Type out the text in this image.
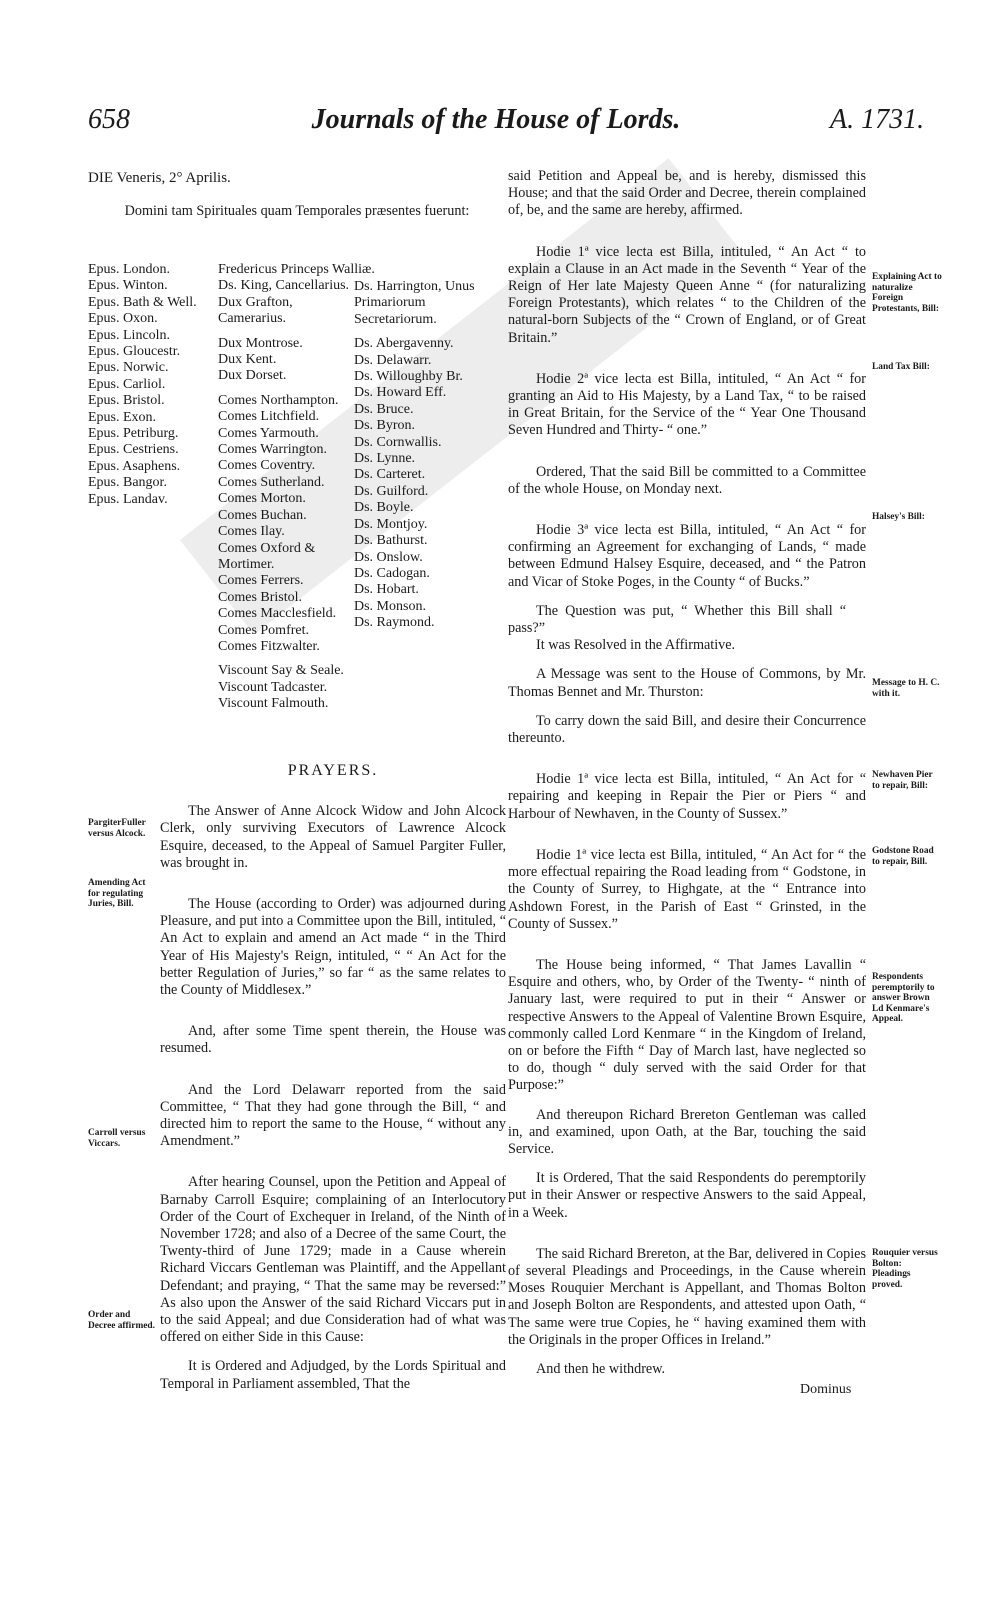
658	Journals of the House of Lords.	A. 1731.

DIE Veneris, 2° Aprilis.

Domini tam Spirituales quam Temporales præsentes fuerunt:

Epus. London.
Epus. Winton.
Epus. Bath & Well.
Epus. Oxon.
Epus. Lincoln.
Epus. Gloucestr.
Epus. Norwic.
Epus. Carliol.
Epus. Bristol.
Epus. Exon.
Epus. Petriburg.
Epus. Cestriens.
Epus. Asaphens.
Epus. Bangor.
Epus. Landav.
Fredericus Princeps Walliæ.
Ds. King, Cancellarius.
Dux Grafton, Camerarius.
Dux Montrose.
Dux Kent.
Dux Dorset.
Comes Northampton.
Comes Litchfield.
Comes Yarmouth.
Comes Warrington.
Comes Coventry.
Comes Sutherland.
Comes Morton.
Comes Buchan.
Comes Ilay.
Comes Oxford & Mortimer.
Comes Ferrers.
Comes Bristol.
Comes Macclesfield.
Comes Pomfret.
Comes Fitzwalter.
Viscount Say & Seale.
Viscount Tadcaster.
Viscount Falmouth.
Ds. Harrington, Unus Primariorum Secretariorum.
Ds. Abergavenny.
Ds. Delawarr.
Ds. Willoughby Br.
Ds. Howard Eff.
Ds. Bruce.
Ds. Byron.
Ds. Cornwallis.
Ds. Lynne.
Ds. Carteret.
Ds. Guilford.
Ds. Boyle.
Ds. Montjoy.
Ds. Bathurst.
Ds. Onslow.
Ds. Cadogan.
Ds. Hobart.
Ds. Monson.
Ds. Raymond.

PRAYERS.

The Answer of Anne Alcock Widow and John Alcock Clerk, only surviving Executors of Lawrence Alcock Esquire, deceased, to the Appeal of Samuel Pargiter Fuller, was brought in.

The House (according to Order) was adjourned during Pleasure, and put into a Committee upon the Bill, intituled, “ An Act to explain and amend an Act made “ in the Third Year of His Majesty's Reign, intituled, “ “ An Act for the better Regulation of Juries,” so far “ as the same relates to the County of Middlesex.”

And, after some Time spent therein, the House was resumed.

And the Lord Delawarr reported from the said Committee, “ That they had gone through the Bill, “ and directed him to report the same to the House, “ without any Amendment.”

After hearing Counsel, upon the Petition and Appeal of Barnaby Carroll Esquire; complaining of an Interlocutory Order of the Court of Exchequer in Ireland, of the Ninth of November 1728; and also of a Decree of the same Court, the Twenty-third of June 1729; made in a Cause wherein Richard Viccars Gentleman was Plaintiff, and the Appellant Defendant; and praying, “ That the same may be reversed:” As also upon the Answer of the said Richard Viccars put in to the said Appeal; and due Consideration had of what was offered on either Side in this Cause:

It is Ordered and Adjudged, by the Lords Spiritual and Temporal in Parliament assembled, That the

PargiterFuller versus Alcock.
Amending Act for regulating Juries, Bill.
Carroll versus Viccars.
Order and Decree affirmed.

said Petition and Appeal be, and is hereby, dismissed this House; and that the said Order and Decree, therein complained of, be, and the same are hereby, affirmed.

Hodie 1ª vice lecta est Billa, intituled, “ An Act “ to explain a Clause in an Act made in the Seventh “ Year of the Reign of Her late Majesty Queen Anne “ (for naturalizing Foreign Protestants), which relates “ to the Children of the natural-born Subjects of the “ Crown of England, or of Great Britain.”

Hodie 2ª vice lecta est Billa, intituled, “ An Act “ for granting an Aid to His Majesty, by a Land Tax, “ to be raised in Great Britain, for the Service of the “ Year One Thousand Seven Hundred and Thirty- “ one.”

Ordered, That the said Bill be committed to a Committee of the whole House, on Monday next.

Hodie 3ª vice lecta est Billa, intituled, “ An Act “ for confirming an Agreement for exchanging of Lands, “ made between Edmund Halsey Esquire, deceased, and “ the Patron and Vicar of Stoke Poges, in the County “ of Bucks.”

The Question was put, “ Whether this Bill shall “ pass?”

It was Resolved in the Affirmative.

A Message was sent to the House of Commons, by Mr. Thomas Bennet and Mr. Thurston:

To carry down the said Bill, and desire their Concurrence thereunto.

Hodie 1ª vice lecta est Billa, intituled, “ An Act for “ repairing and keeping in Repair the Pier or Piers “ and Harbour of Newhaven, in the County of Sussex.”

Hodie 1ª vice lecta est Billa, intituled, “ An Act for “ the more effectual repairing the Road leading from “ Godstone, in the County of Surrey, to Highgate, at the “ Entrance into Ashdown Forest, in the Parish of East “ Grinsted, in the County of Sussex.”

The House being informed, “ That James Lavallin “ Esquire and others, who, by Order of the Twenty- “ ninth of January last, were required to put in their “ Answer or respective Answers to the Appeal of Valentine Brown Esquire, commonly called Lord Kenmare “ in the Kingdom of Ireland, on or before the Fifth “ Day of March last, have neglected so to do, though “ duly served with the said Order for that Purpose:”

And thereupon Richard Brereton Gentleman was called in, and examined, upon Oath, at the Bar, touching the said Service.

It is Ordered, That the said Respondents do peremptorily put in their Answer or respective Answers to the said Appeal, in a Week.

The said Richard Brereton, at the Bar, delivered in Copies of several Pleadings and Proceedings, in the Cause wherein Moses Rouquier Merchant is Appellant, and Thomas Bolton and Joseph Bolton are Respondents, and attested upon Oath, “ The same were true Copies, he “ having examined them with the Originals in the proper Offices in Ireland.”

And then he withdrew.

Dominus
Explaining Act to naturalize Foreign Protestants, Bill:
Land Tax Bill:
Halsey's Bill:
Message to H. C. with it.
Newhaven Pier to repair, Bill:
Godstone Road to repair, Bill.
Respondents peremptorily to answer Brown Ld Kenmare's Appeal.
Rouquier versus Bolton: Pleadings proved.
